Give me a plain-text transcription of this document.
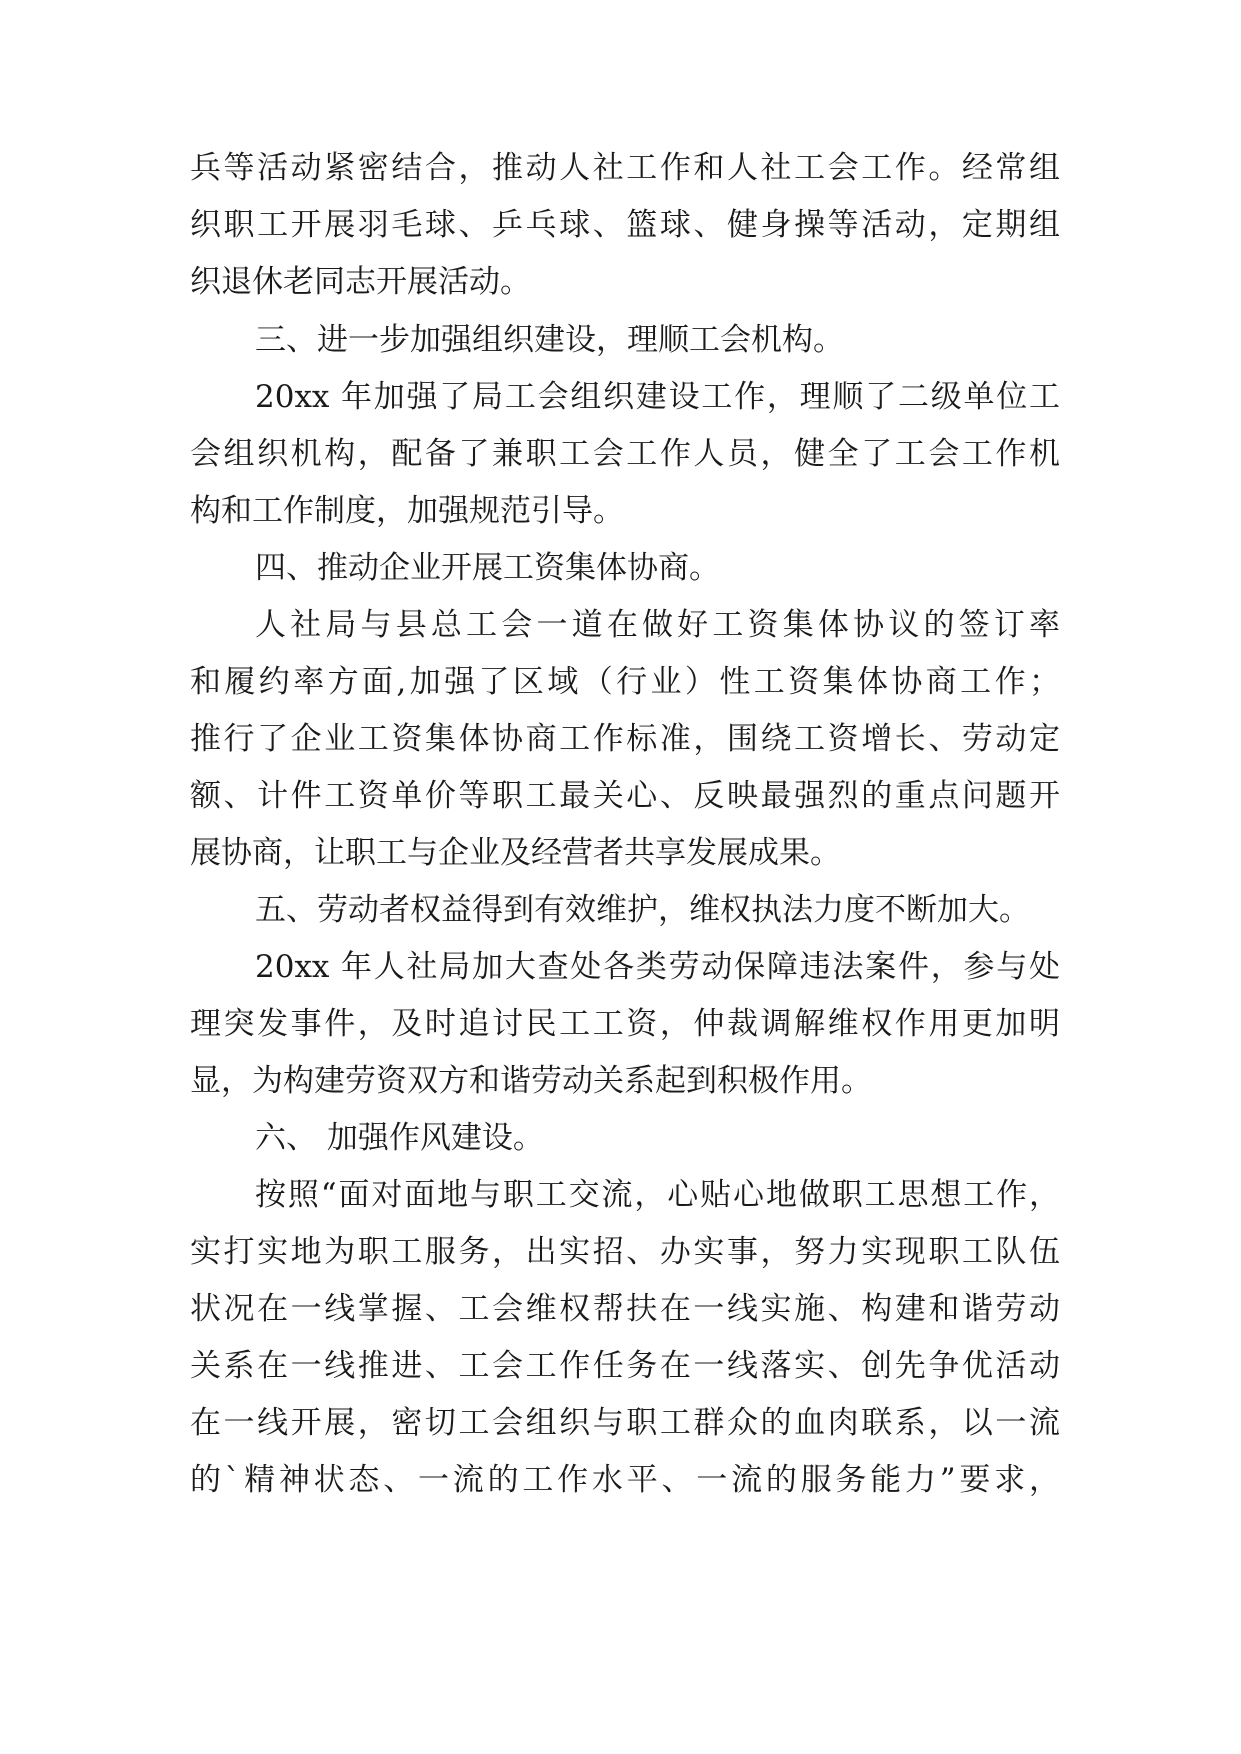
兵等活动紧密结合，推动人社工作和人社工会工作。经常组
织职工开展羽毛球、乒乓球、篮球、健身操等活动，定期组
织退休老同志开展活动。
三、进一步加强组织建设，理顺工会机构。
20xx 年加强了局工会组织建设工作，理顺了二级单位工
会组织机构，配备了兼职工会工作人员，健全了工会工作机
构和工作制度，加强规范引导。
四、推动企业开展工资集体协商。
人社局与县总工会一道在做好工资集体协议的签订率
和履约率方面,加强了区域（行业）性工资集体协商工作；
推行了企业工资集体协商工作标准，围绕工资增长、劳动定
额、计件工资单价等职工最关心、反映最强烈的重点问题开
展协商，让职工与企业及经营者共享发展成果。
五、劳动者权益得到有效维护，维权执法力度不断加大。
20xx 年人社局加大查处各类劳动保障违法案件，参与处
理突发事件，及时追讨民工工资，仲裁调解维权作用更加明
显，为构建劳资双方和谐劳动关系起到积极作用。
六、 加强作风建设。
按照“面对面地与职工交流，心贴心地做职工思想工作，
实打实地为职工服务，出实招、办实事，努力实现职工队伍
状况在一线掌握、工会维权帮扶在一线实施、构建和谐劳动
关系在一线推进、工会工作任务在一线落实、创先争优活动
在一线开展，密切工会组织与职工群众的血肉联系，以一流
的`精神状态、一流的工作水平、一流的服务能力”要求，
